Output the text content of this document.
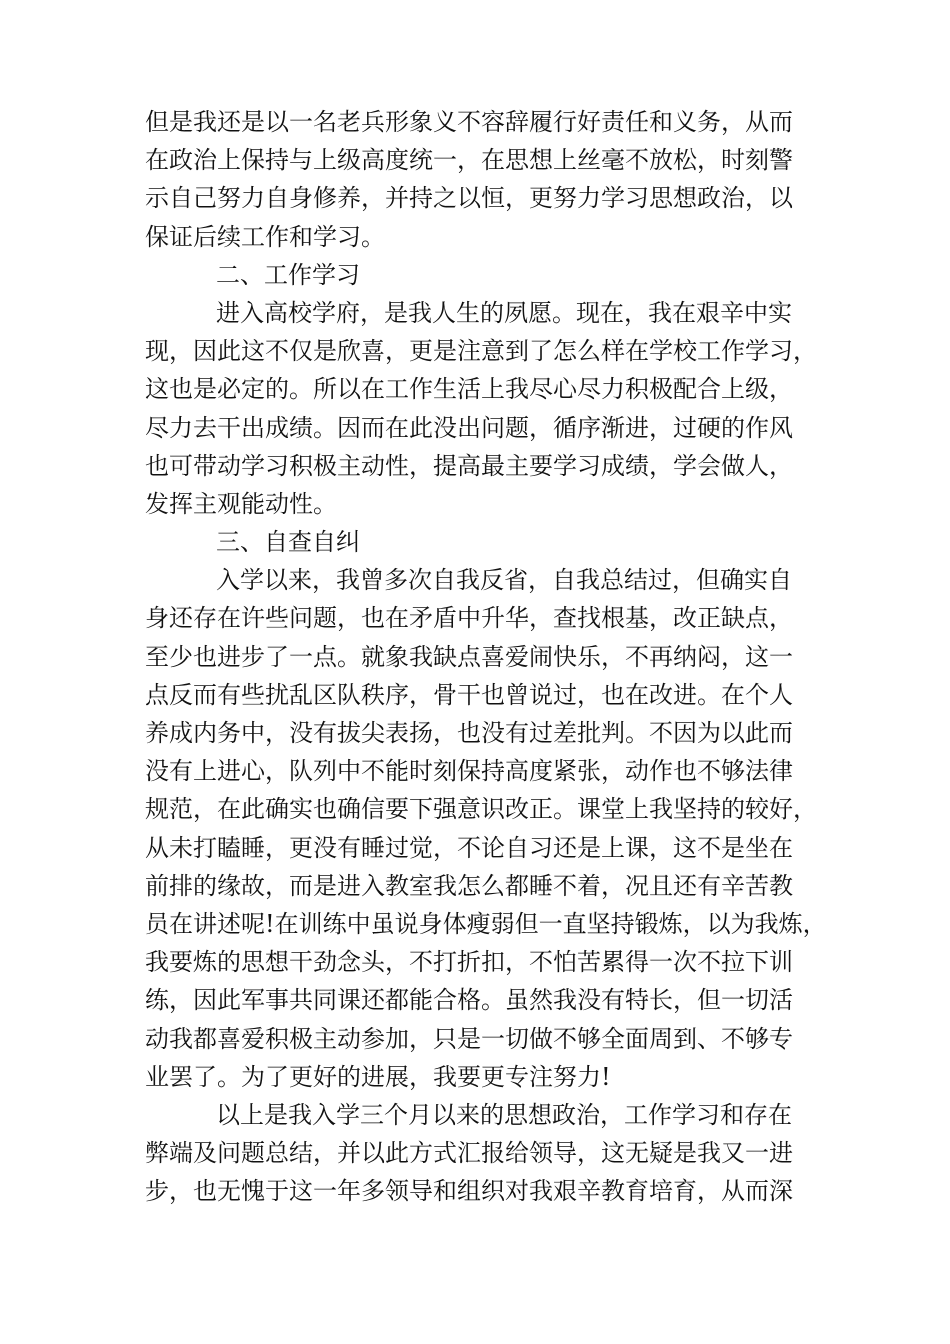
但是我还是以一名老兵形象义不容辞履行好责任和义务，从而
在政治上保持与上级高度统一，在思想上丝毫不放松，时刻警
示自己努力自身修养，并持之以恒，更努力学习思想政治，以
保证后续工作和学习。
二、工作学习
进入高校学府，是我人生的夙愿。现在，我在艰辛中实
现，因此这不仅是欣喜，更是注意到了怎么样在学校工作学习，
这也是必定的。所以在工作生活上我尽心尽力积极配合上级，
尽力去干出成绩。因而在此没出问题，循序渐进，过硬的作风
也可带动学习积极主动性，提高最主要学习成绩，学会做人，
发挥主观能动性。
三、自查自纠
入学以来，我曾多次自我反省，自我总结过，但确实自
身还存在许些问题，也在矛盾中升华，查找根基，改正缺点，
至少也进步了一点。就象我缺点喜爱闹快乐，不再纳闷，这一
点反而有些扰乱区队秩序，骨干也曾说过，也在改进。在个人
养成内务中，没有拔尖表扬，也没有过差批判。不因为以此而
没有上进心，队列中不能时刻保持高度紧张，动作也不够法律
规范，在此确实也确信要下强意识改正。课堂上我坚持的较好，
从未打瞌睡，更没有睡过觉，不论自习还是上课，这不是坐在
前排的缘故，而是进入教室我怎么都睡不着，况且还有辛苦教
员在讲述呢!在训练中虽说身体瘦弱但一直坚持锻炼，以为我炼，
我要炼的思想干劲念头，不打折扣，不怕苦累得一次不拉下训
练，因此军事共同课还都能合格。虽然我没有特长，但一切活
动我都喜爱积极主动参加，只是一切做不够全面周到、不够专
业罢了。为了更好的进展，我要更专注努力!
以上是我入学三个月以来的思想政治，工作学习和存在
弊端及问题总结，并以此方式汇报给领导，这无疑是我又一进
步，也无愧于这一年多领导和组织对我艰辛教育培育，从而深
